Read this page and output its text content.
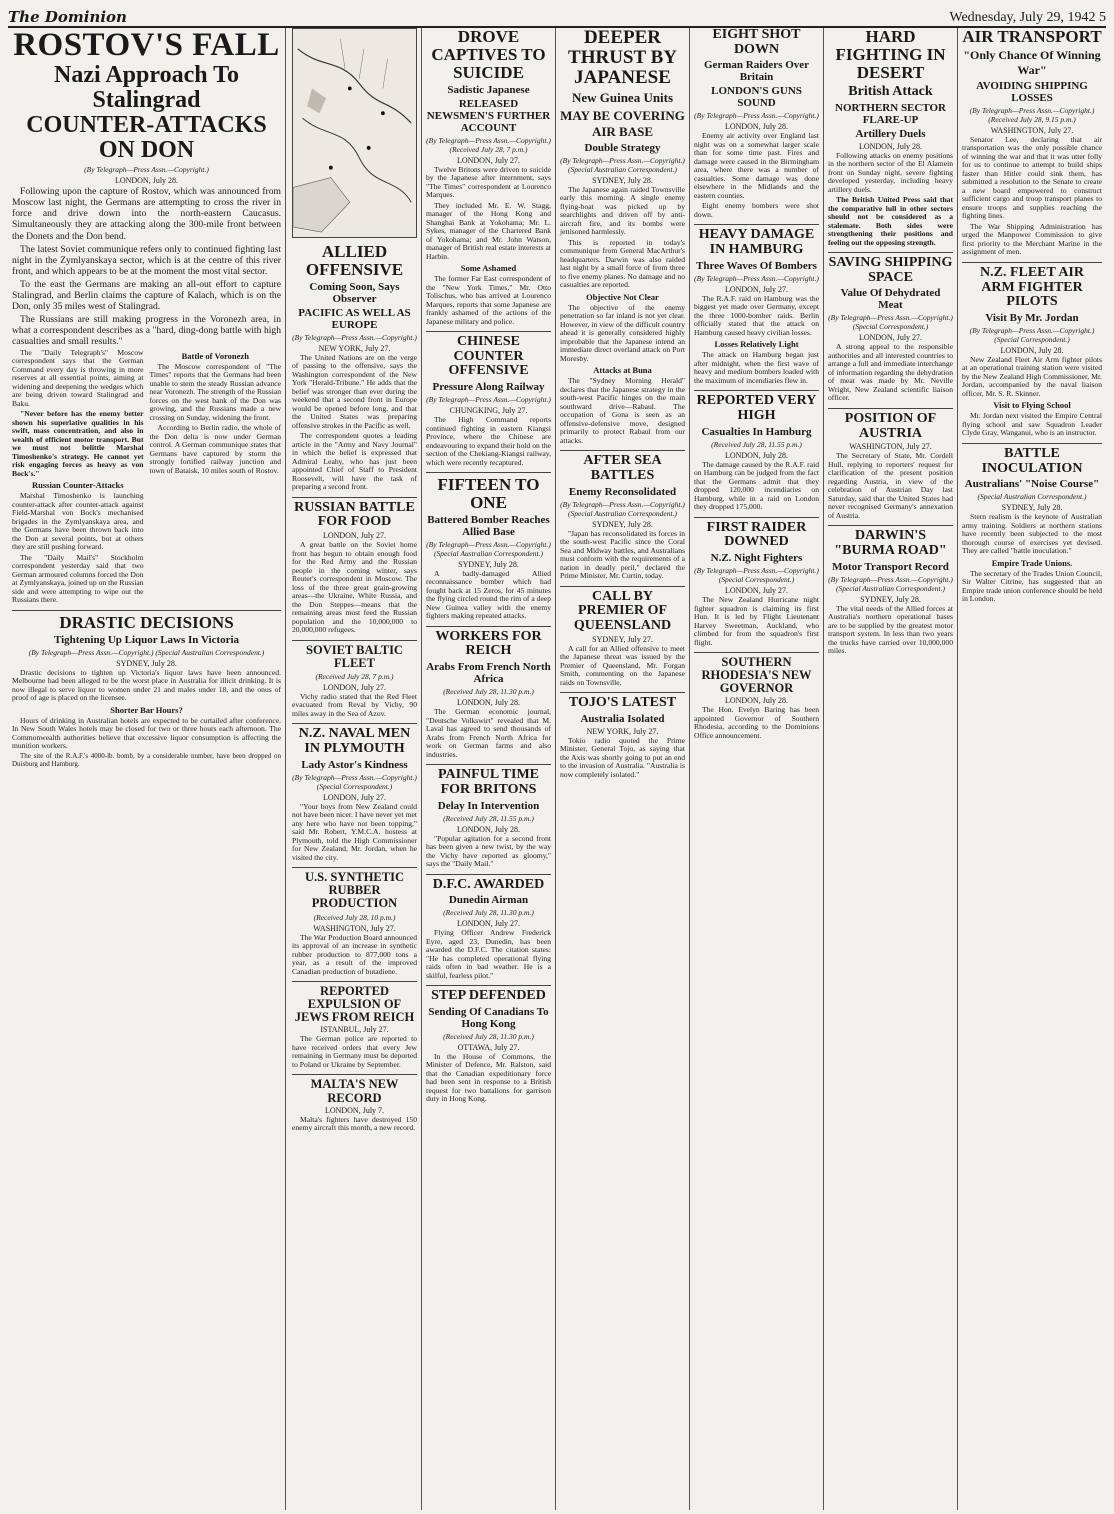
The Dominion	Wednesday, July 29, 1942 5
ROSTOV'S FALL
Nazi Approach To Stalingrad
COUNTER-ATTACKS ON DON
(By Telegraph—Press Assn.—Copyright.)
LONDON, July 28.

Following upon the capture of Rostov, which was announced from Moscow last night, the Germans are attempting to cross the river in force and drive down into the north-eastern Caucasus. Simultaneously they are attacking along the 300-mile front between the Donets and the Don bend.

The latest Soviet communique refers only to continued fighting last night in the Zymlyanskaya sector, which is at the centre of this river front, and which appears to be at the moment the most vital sector.

To the east the Germans are making an all-out effort to capture Stalingrad, and Berlin claims the capture of Kalach, which is on the Don, only 35 miles west of Stalingrad.

The Russians are still making progress in the Voronezh area, in what a correspondent describes as a "hard, ding-dong battle with high casualties and small results."

The "Daily Telegraph's" Moscow correspondent says that the German Command every day is throwing in more reserves at all essential points, aiming at widening and deepening the wedges which are being driven toward Stalingrad and Baku.

"Never before has the enemy better shown his superlative qualities in his swift, mass concentration, and also in wealth of efficient motor transport. But we must not belittle Marshal Timoshenko's strategy. He cannot yet risk engaging forces as heavy as von Bock's."

Russian Counter-Attacks

Marshal Timoshenko is launching counter-attack after counter-attack against Field-Marshal von Bock's mechanised brigades in the Zymlyanskaya area, and the Germans have been thrown back into the Don at several points, but at others they are still pushing forward.

The "Daily Mail's" Stockholm correspondent yesterday said that two German armoured columns forced the Don at Zymlyanskaya, joined up on the Russian side and were attempting to wipe out the Russians there.

Battle of Voronezh

The Moscow correspondent of "The Times" reports that the Germans had been unable to stem the steady Russian advance near Voronezh. The strength of the Russian forces on the west bank of the Don was growing, and the Russians made a new crossing on Sunday, widening the front.

According to Berlin radio, the whole of the Don delta is now under German control. A German communique states that Germans have captured by storm the strongly fortified railway junction and town of Bataisk, 10 miles south of Rostov.

DRASTIC DECISIONS
Tightening Up Liquor Laws In Victoria
(By Telegraph—Press Assn.—Copyright.) (Special Australian Correspondent.)
SYDNEY, July 28.

Drastic decisions to tighten up Victoria's liquor laws have been announced. Melbourne had been alleged to be the worst place in Australia for illicit drinking. It is now illegal to serve liquor to women under 21 and males under 18, and the onus of proof of age is placed on the licensee.

Shorter Bar Hours?

Hours of drinking in Australian hotels are expected to be curtailed after conference. In New South Wales hotels may be closed for two or three hours each afternoon. The Commonwealth authorities believe that excessive liquor consumption is affecting the munition workers.

The site of the R.A.F.'s 4000-lb. bomb, by a considerable number, have been dropped on Duisburg and Hamburg.

ALLIED OFFENSIVE
Coming Soon, Says Observer
PACIFIC AS WELL AS EUROPE
(By Telegraph—Press Assn.—Copyright.)
NEW YORK, July 27.

The United Nations are on the verge of passing to the offensive, says the Washington correspondent of the New York "Herald-Tribune." He adds that the belief was stronger than ever during the weekend that a second front in Europe would be opened before long, and that the United States was preparing offensive strokes in the Pacific as well.

The correspondent quotes a leading article in the "Army and Navy Journal" in which the belief is expressed that Admiral Leahy, who has just been appointed Chief of Staff to President Roosevelt, will have the task of preparing a second front.

RUSSIAN BATTLE FOR FOOD
LONDON, July 27.

A great battle on the Soviet home front has begun to obtain enough food for the Red Army and the Russian people in the coming winter, says Reuter's correspondent in Moscow. The loss of the three great grain-growing areas—the Ukraine, White Russia, and the Don Steppes—means that the remaining areas must feed the Russian population and the 10,000,000 to 20,000,000 refugees.

SOVIET BALTIC FLEET
(Received July 28, 7 p.m.)
LONDON, July 27.

Vichy radio stated that the Red Fleet evacuated from Reval by Vichy, 90 miles away in the Sea of Azov.

N.Z. NAVAL MEN IN PLYMOUTH
Lady Astor's Kindness
(By Telegraph—Press Assn.—Copyright.) (Special Correspondent.)
LONDON, July 27.

"Your boys from New Zealand could not have been nicer. I have never yet met any here who have not been topping," said Mr. Robert, Y.M.C.A. hostess at Plymouth, told the High Commissioner for New Zealand, Mr. Jordan, when he visited the city.

U.S. SYNTHETIC RUBBER PRODUCTION
(Received July 28, 10 p.m.)
WASHINGTON, July 27.

The War Production Board announced its approval of an increase in synthetic rubber production to 877,000 tons a year, as a result of the improved Canadian production of butadiene.

REPORTED EXPULSION OF JEWS FROM REICH
ISTANBUL, July 27.

The German police are reported to have received orders that every Jew remaining in Germany must be deported to Poland or Ukraine by September.

MALTA'S NEW RECORD
LONDON, July 7.

Malta's fighters have destroyed 150 enemy aircraft this month, a new record.

DROVE CAPTIVES TO SUICIDE
Sadistic Japanese
RELEASED NEWSMEN'S FURTHER ACCOUNT
(By Telegraph—Press Assn.—Copyright.) (Received July 28, 7 p.m.)
LONDON, July 27.

Twelve Britons were driven to suicide by the Japanese after internment, says "The Times" correspondent at Lourenco Marques.

They included Mr. E. W. Stagg, manager of the Hong Kong and Shanghai Bank at Yokohama; Mr. L. Sykes, manager of the Chartered Bank of Yokohama; and Mr. John Watson, manager of British real estate interests at Harbin.

Some Ashamed

The former Far East correspondent of the "New York Times," Mr. Otto Tolischus, who has arrived at Lourenco Marques, reports that some Japanese are frankly ashamed of the actions of the Japanese military and police.

CHINESE COUNTER OFFENSIVE
Pressure Along Railway
(By Telegraph—Press Assn.—Copyright.)
CHUNGKING, July 27.

The High Command reports continued fighting in eastern Kiangsi Province, where the Chinese are endeavouring to expand their hold on the section of the Chekiang-Kiangsi railway, which were recently recaptured.

FIFTEEN TO ONE
Battered Bomber Reaches Allied Base
(By Telegraph—Press Assn.—Copyright.) (Special Australian Correspondent.)
SYDNEY, July 28.

A badly-damaged Allied reconnaissance bomber which had fought back at 15 Zeros, for 45 minutes the flying circled round the rim of a deep New Guinea valley with the enemy fighters making repeated attacks.

WORKERS FOR REICH
Arabs From French North Africa
(Received July 28, 11.30 p.m.)
LONDON, July 28.

The German economic journal, "Deutsche Volkswirt" revealed that M. Laval has agreed to send thousands of Arabs from French North Africa for work on German farms and also industries.

PAINFUL TIME FOR BRITONS
Delay In Intervention
(Received July 28, 11.55 p.m.)
LONDON, July 28.

"Popular agitation for a second front has been given a new twist, by the way the Vichy have reported as gloomy," says the "Daily Mail."

D.F.C. AWARDED
Dunedin Airman
(Received July 28, 11.30 p.m.)
LONDON, July 27.

Flying Officer Andrew Frederick Eyre, aged 23, Dunedin, has been awarded the D.F.C. The citation states: "He has completed operational flying raids often in bad weather. He is a skilful, fearless pilot."

STEP DEFENDED
Sending Of Canadians To Hong Kong
(Received July 28, 11.30 p.m.)
OTTAWA, July 27.

In the House of Commons, the Minister of Defence, Mr. Ralston, said that the Canadian expeditionary force had been sent in response to a British request for two battalions for garrison duty in Hong Kong.

DEEPER THRUST BY JAPANESE
New Guinea Units
MAY BE COVERING AIR BASE
Double Strategy
(By Telegraph—Press Assn.—Copyright.) (Special Australian Correspondent.)
SYDNEY, July 28.

The Japanese again raided Townsville early this morning. A single enemy flying-boat was picked up by searchlights and driven off by anti-aircraft fire, and its bombs were jettisoned harmlessly.

This is reported in today's communique from General MacArthur's headquarters. Darwin was also raided last night by a small force of from three to five enemy planes. No damage and no casualties are reported.

Objective Not Clear

The objective of the enemy penetration so far inland is not yet clear. However, in view of the difficult country ahead it is generally considered highly improbable that the Japanese intend an immediate direct overland attack on Port Moresby.

Attacks at Buna

The "Sydney Morning Herald" declares that the Japanese strategy in the south-west Pacific hinges on the main southward drive—Rabaul. The occupation of Gona is seen as an offensive-defensive move, designed primarily to protect Rabaul from our attacks.

AFTER SEA BATTLES
Enemy Reconsolidated
(By Telegraph—Press Assn.—Copyright.) (Special Australian Correspondent.)
SYDNEY, July 28.

"Japan has reconsolidated its forces in the south-west Pacific since the Coral Sea and Midway battles, and Australians must conform with the requirements of a nation in deadly peril," declared the Prime Minister, Mr. Curtin, today.

CALL BY PREMIER OF QUEENSLAND
SYDNEY, July 27.

A call for an Allied offensive to meet the Japanese threat was issued by the Premier of Queensland, Mr. Forgan Smith, commenting on the Japanese raids on Townsville.

TOJO'S LATEST
Australia Isolated
NEW YORK, July 27.

Tokio radio quoted the Prime Minister, General Tojo, as saying that the Axis was shortly going to put an end to the invasion of Australia. "Australia is now completely isolated."

EIGHT SHOT DOWN
German Raiders Over Britain
LONDON'S GUNS SOUND
(By Telegraph—Press Assn.—Copyright.)
LONDON, July 28.

Enemy air activity over England last night was on a somewhat larger scale than for some time past. Fires and damage were caused in the Birmingham area, where there was a number of casualties. Some damage was done elsewhere in the Midlands and the eastern counties.

Eight enemy bombers were shot down.

HEAVY DAMAGE IN HAMBURG
Three Waves Of Bombers
(By Telegraph—Press Assn.—Copyright.)
LONDON, July 27.

The R.A.F. raid on Hamburg was the biggest yet made over Germany, except the three 1000-bomber raids. Berlin officially stated that the attack on Hamburg caused heavy civilian losses.

Losses Relatively Light

The attack on Hamburg began just after midnight, when the first wave of heavy and medium bombers loaded with the maximum of incendiaries flew in.

REPORTED VERY HIGH
Casualties In Hamburg
(Received July 28, 11.55 p.m.)
LONDON, July 28.

The damage caused by the R.A.F. raid on Hamburg can be judged from the fact that the Germans admit that they dropped 120,000 incendiaries on Hamburg, while in a raid on London they dropped 175,000.

FIRST RAIDER DOWNED
N.Z. Night Fighters
(By Telegraph—Press Assn.—Copyright.) (Special Correspondent.)
LONDON, July 27.

The New Zealand Hurricane night fighter squadron is claiming its first Hun. It is led by Flight Lieutenant Harvey Sweetman, Auckland, who climbed for from the squadron's first flight.

SOUTHERN RHODESIA'S NEW GOVERNOR
LONDON, July 28.

The Hon. Evelyn Baring has been appointed Governor of Southern Rhodesia, according to the Dominions Office announcement.

HARD FIGHTING IN DESERT
British Attack
NORTHERN SECTOR FLARE-UP
Artillery Duels
LONDON, July 28.

Following attacks on enemy positions in the northern sector of the El Alamein front on Sunday night, severe fighting developed yesterday, including heavy artillery duels.

The British United Press said that the comparative lull in other sectors should not be considered as a stalemate. Both sides were strengthening their positions and feeling out the opposing strength.

SAVING SHIPPING SPACE
Value Of Dehydrated Meat
(By Telegraph—Press Assn.—Copyright.) (Special Correspondent.)
LONDON, July 27.

A strong appeal to the responsible authorities and all interested countries to arrange a full and immediate interchange of information regarding the dehydration of meat was made by Mr. Neville Wright, New Zealand scientific liaison officer.

POSITION OF AUSTRIA
WASHINGTON, July 27.

The Secretary of State, Mr. Cordell Hull, replying to reporters' request for clarification of the present position regarding Austria, in view of the celebration of Austrian Day last Saturday, said that the United States had never recognised Germany's annexation of Austria.

DARWIN'S "BURMA ROAD"
Motor Transport Record
(By Telegraph—Press Assn.—Copyright.) (Special Australian Correspondent.)
SYDNEY, July 28.

The vital needs of the Allied forces at Australia's northern operational bases are to be supplied by the greatest motor transport system. In less than two years the trucks have carried over 10,000,000 miles.

AIR TRANSPORT
"Only Chance Of Winning War"
AVOIDING SHIPPING LOSSES
(By Telegraph—Press Assn.—Copyright.) (Received July 28, 9.15 p.m.)
WASHINGTON, July 27.

Senator Lee, declaring that air transportation was the only possible chance of winning the war and that it was utter folly for us to continue to attempt to build ships faster than Hitler could sink them, has submitted a resolution to the Senate to create a new board empowered to construct sufficient cargo and troop transport planes to ensure troops and supplies reaching the fighting lines.

The War Shipping Administration has urged the Manpower Commission to give first priority to the Merchant Marine in the assignment of men.

N.Z. FLEET AIR ARM FIGHTER PILOTS
Visit By Mr. Jordan
(By Telegraph—Press Assn.—Copyright.) (Special Correspondent.)
LONDON, July 28.

New Zealand Fleet Air Arm fighter pilots at an operational training station were visited by the New Zealand High Commissioner, Mr. Jordan, accompanied by the naval liaison officer, Mr. S. R. Skinner.

Visit to Flying School

Mr. Jordan next visited the Empire Central flying school and saw Squadron Leader Clyde Gray, Wanganui, who is an instructor.

BATTLE INOCULATION
Australians' "Noise Course"
(Special Australian Correspondent.)
SYDNEY, July 28.

Stern realism is the keynote of Australian army training. Soldiers at northern stations have recently been subjected to the most thorough course of exercises yet devised. They are called "battle inoculation."

Empire Trade Unions.

The secretary of the Trades Union Council, Sir Walter Citrine, has suggested that an Empire trade union conference should be held in London.
